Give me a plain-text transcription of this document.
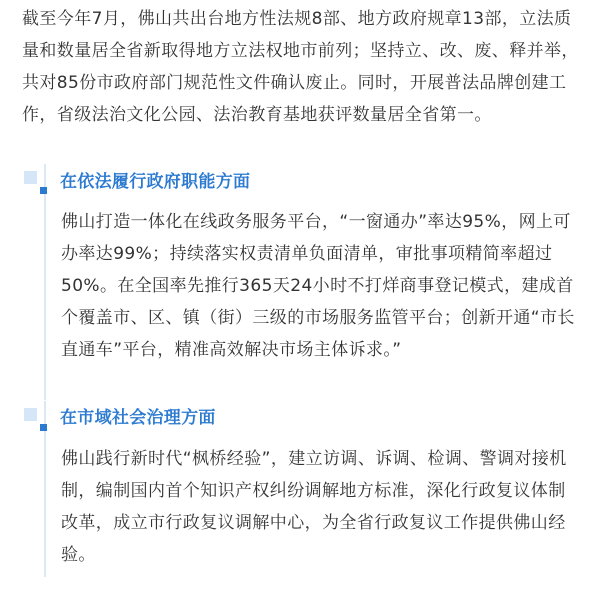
截至今年7月，佛山共出台地方性法规8部、地方政府规章13部，立法质量和数量居全省新取得地方立法权地市前列；坚持立、改、废、释并举，共对85份市政府部门规范性文件确认废止。同时，开展普法品牌创建工作，省级法治文化公园、法治教育基地获评数量居全省第一。

在依法履行政府职能方面

佛山打造一体化在线政务服务平台，“一窗通办”率达95%，网上可办率达99%；持续落实权责清单负面清单，审批事项精简率超过50%。在全国率先推行365天24小时不打烊商事登记模式，建成首个覆盖市、区、镇（街）三级的市场服务监管平台；创新开通“市长直通车”平台，精准高效解决市场主体诉求。”

在市域社会治理方面

佛山践行新时代“枫桥经验”，建立访调、诉调、检调、警调对接机制，编制国内首个知识产权纠纷调解地方标准，深化行政复议体制改革，成立市行政复议调解中心，为全省行政复议工作提供佛山经验。
